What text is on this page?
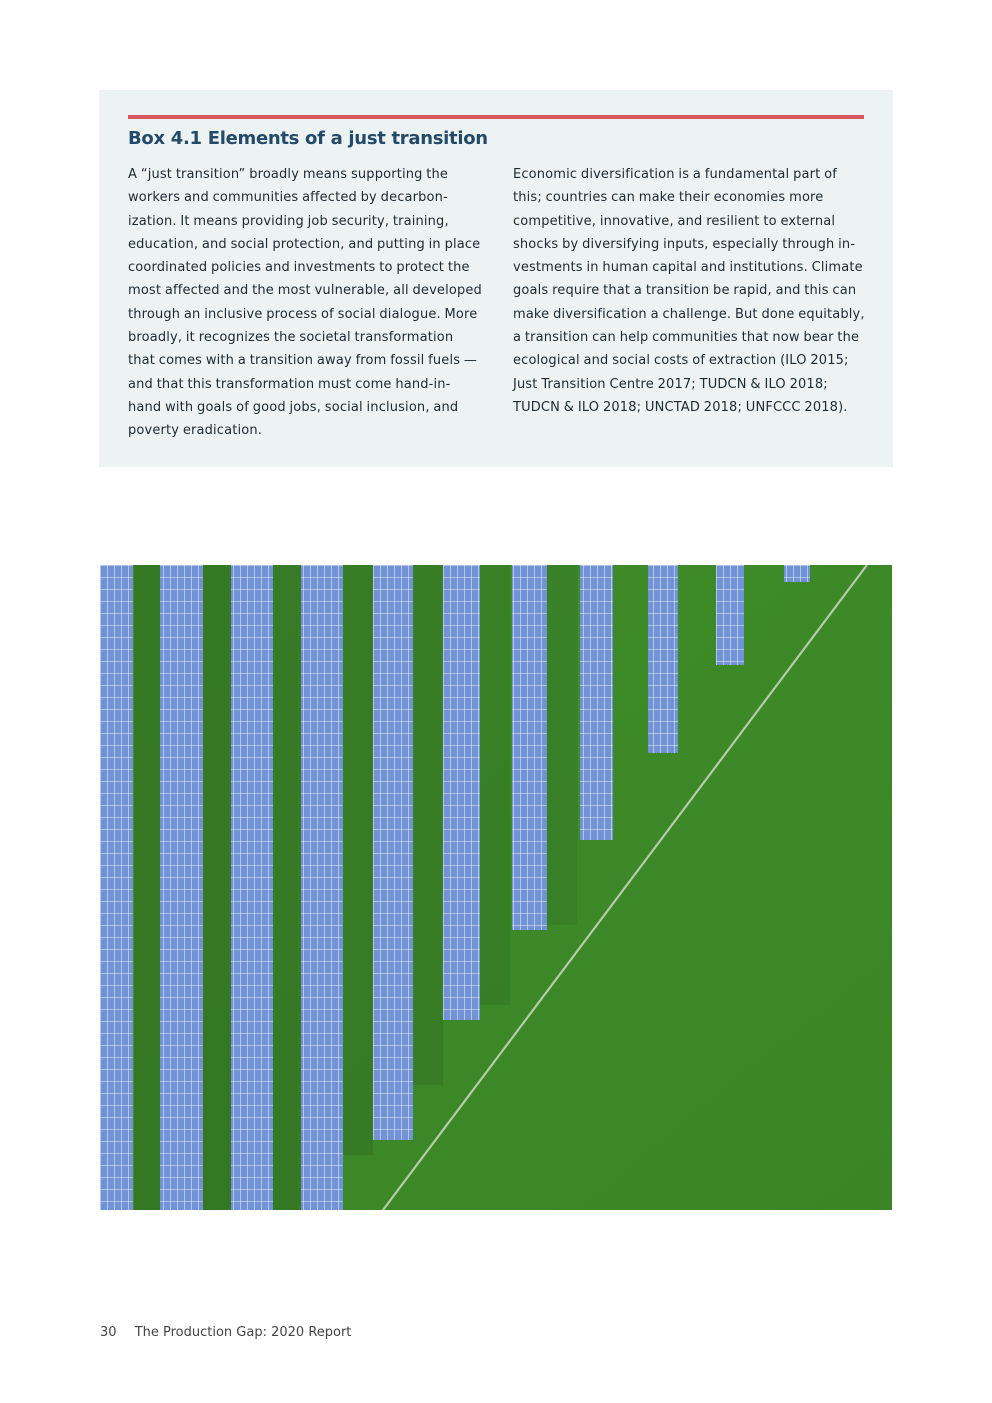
Box 4.1 Elements of a just transition

A “just transition” broadly means supporting the
workers and communities affected by decarbon-
ization. It means providing job security, training,
education, and social protection, and putting in place
coordinated policies and investments to protect the
most affected and the most vulnerable, all developed
through an inclusive process of social dialogue. More
broadly, it recognizes the societal transformation
that comes with a transition away from fossil fuels —
and that this transformation must come hand-in-
hand with goals of good jobs, social inclusion, and
poverty eradication.

Economic diversification is a fundamental part of
this; countries can make their economies more
competitive, innovative, and resilient to external
shocks by diversifying inputs, especially through in-
vestments in human capital and institutions. Climate
goals require that a transition be rapid, and this can
make diversification a challenge. But done equitably,
a transition can help communities that now bear the
ecological and social costs of extraction (ILO 2015;
Just Transition Centre 2017; TUDCN & ILO 2018;
TUDCN & ILO 2018; UNCTAD 2018; UNFCCC 2018).

30 The Production Gap: 2020 Report
